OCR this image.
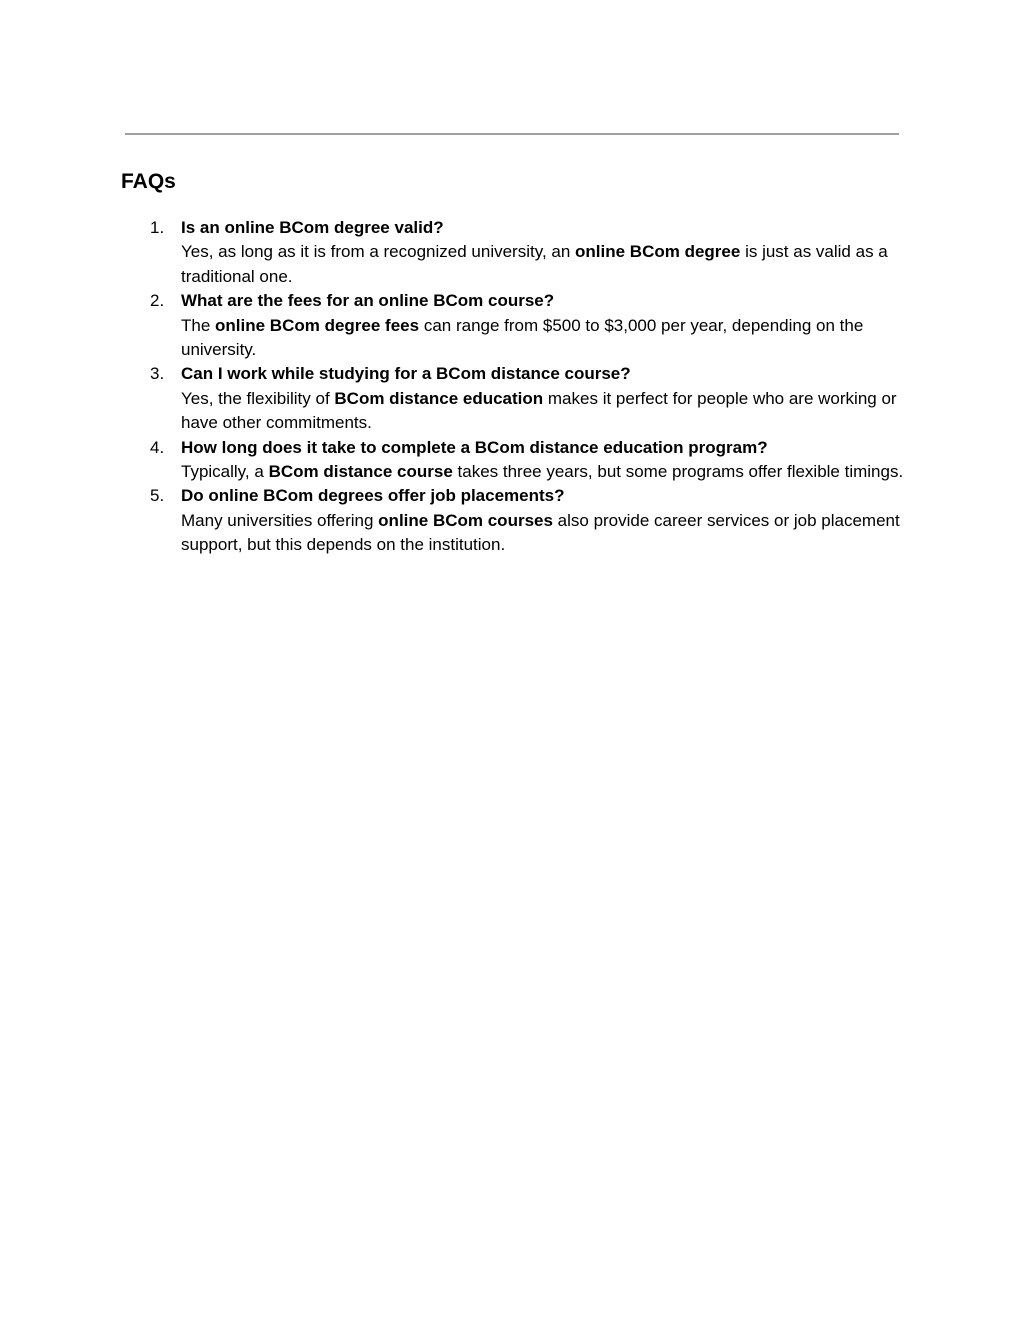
FAQs
1. Is an online BCom degree valid?
Yes, as long as it is from a recognized university, an online BCom degree is just as valid as a traditional one.
2. What are the fees for an online BCom course?
The online BCom degree fees can range from $500 to $3,000 per year, depending on the university.
3. Can I work while studying for a BCom distance course?
Yes, the flexibility of BCom distance education makes it perfect for people who are working or have other commitments.
4. How long does it take to complete a BCom distance education program?
Typically, a BCom distance course takes three years, but some programs offer flexible timings.
5. Do online BCom degrees offer job placements?
Many universities offering online BCom courses also provide career services or job placement support, but this depends on the institution.
